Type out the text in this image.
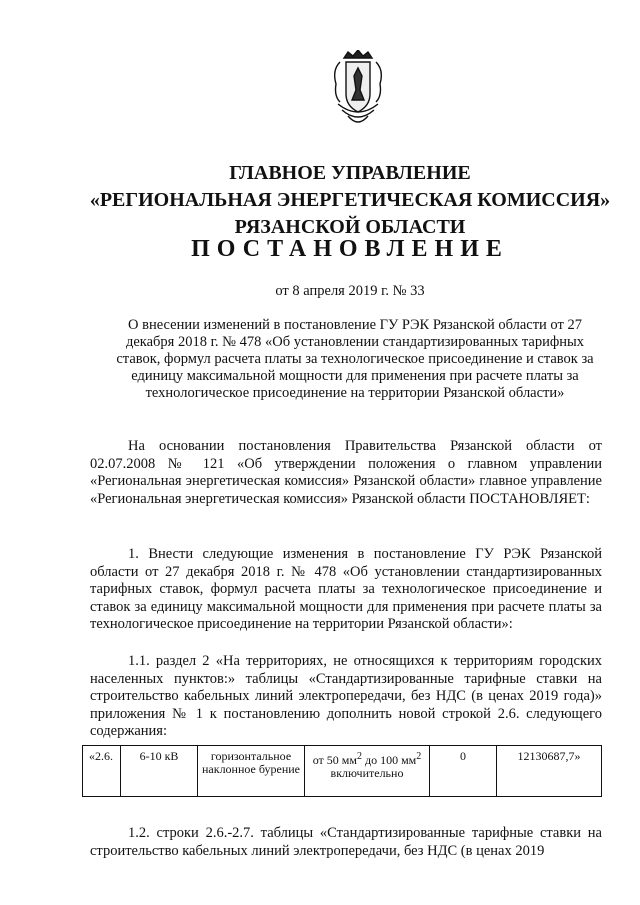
ГЛАВНОЕ УПРАВЛЕНИЕ
«РЕГИОНАЛЬНАЯ ЭНЕРГЕТИЧЕСКАЯ КОМИССИЯ»
РЯЗАНСКОЙ ОБЛАСТИ
ПОСТАНОВЛЕНИЕ
от 8 апреля 2019 г. № 33
О внесении изменений в постановление ГУ РЭК Рязанской области от 27 декабря 2018 г. № 478 «Об установлении стандартизированных тарифных ставок, формул расчета платы за технологическое присоединение и ставок за единицу максимальной мощности для применения при расчете платы за технологическое присоединение на территории Рязанской области»
На основании постановления Правительства Рязанской области от 02.07.2008 № 121 «Об утверждении положения о главном управлении «Региональная энергетическая комиссия» Рязанской области» главное управление «Региональная энергетическая комиссия» Рязанской области ПОСТАНОВЛЯЕТ:
1. Внести следующие изменения в постановление ГУ РЭК Рязанской области от 27 декабря 2018 г. № 478 «Об установлении стандартизированных тарифных ставок, формул расчета платы за технологическое присоединение и ставок за единицу максимальной мощности для применения при расчете платы за технологическое присоединение на территории Рязанской области»:
1.1. раздел 2 «На территориях, не относящихся к территориям городских населенных пунктов:» таблицы «Стандартизированные тарифные ставки на строительство кабельных линий электропередачи, без НДС (в ценах 2019 года)» приложения № 1 к постановлению дополнить новой строкой 2.6. следующего содержания:
«2.6.	6-10 кВ	горизонтальное наклонное бурение	от 50 $мм^2$ до 100 $мм^2$ включительно	0	12130687,7»
1.2. строки 2.6.-2.7. таблицы «Стандартизированные тарифные ставки на строительство кабельных линий электропередачи, без НДС (в ценах 2019
